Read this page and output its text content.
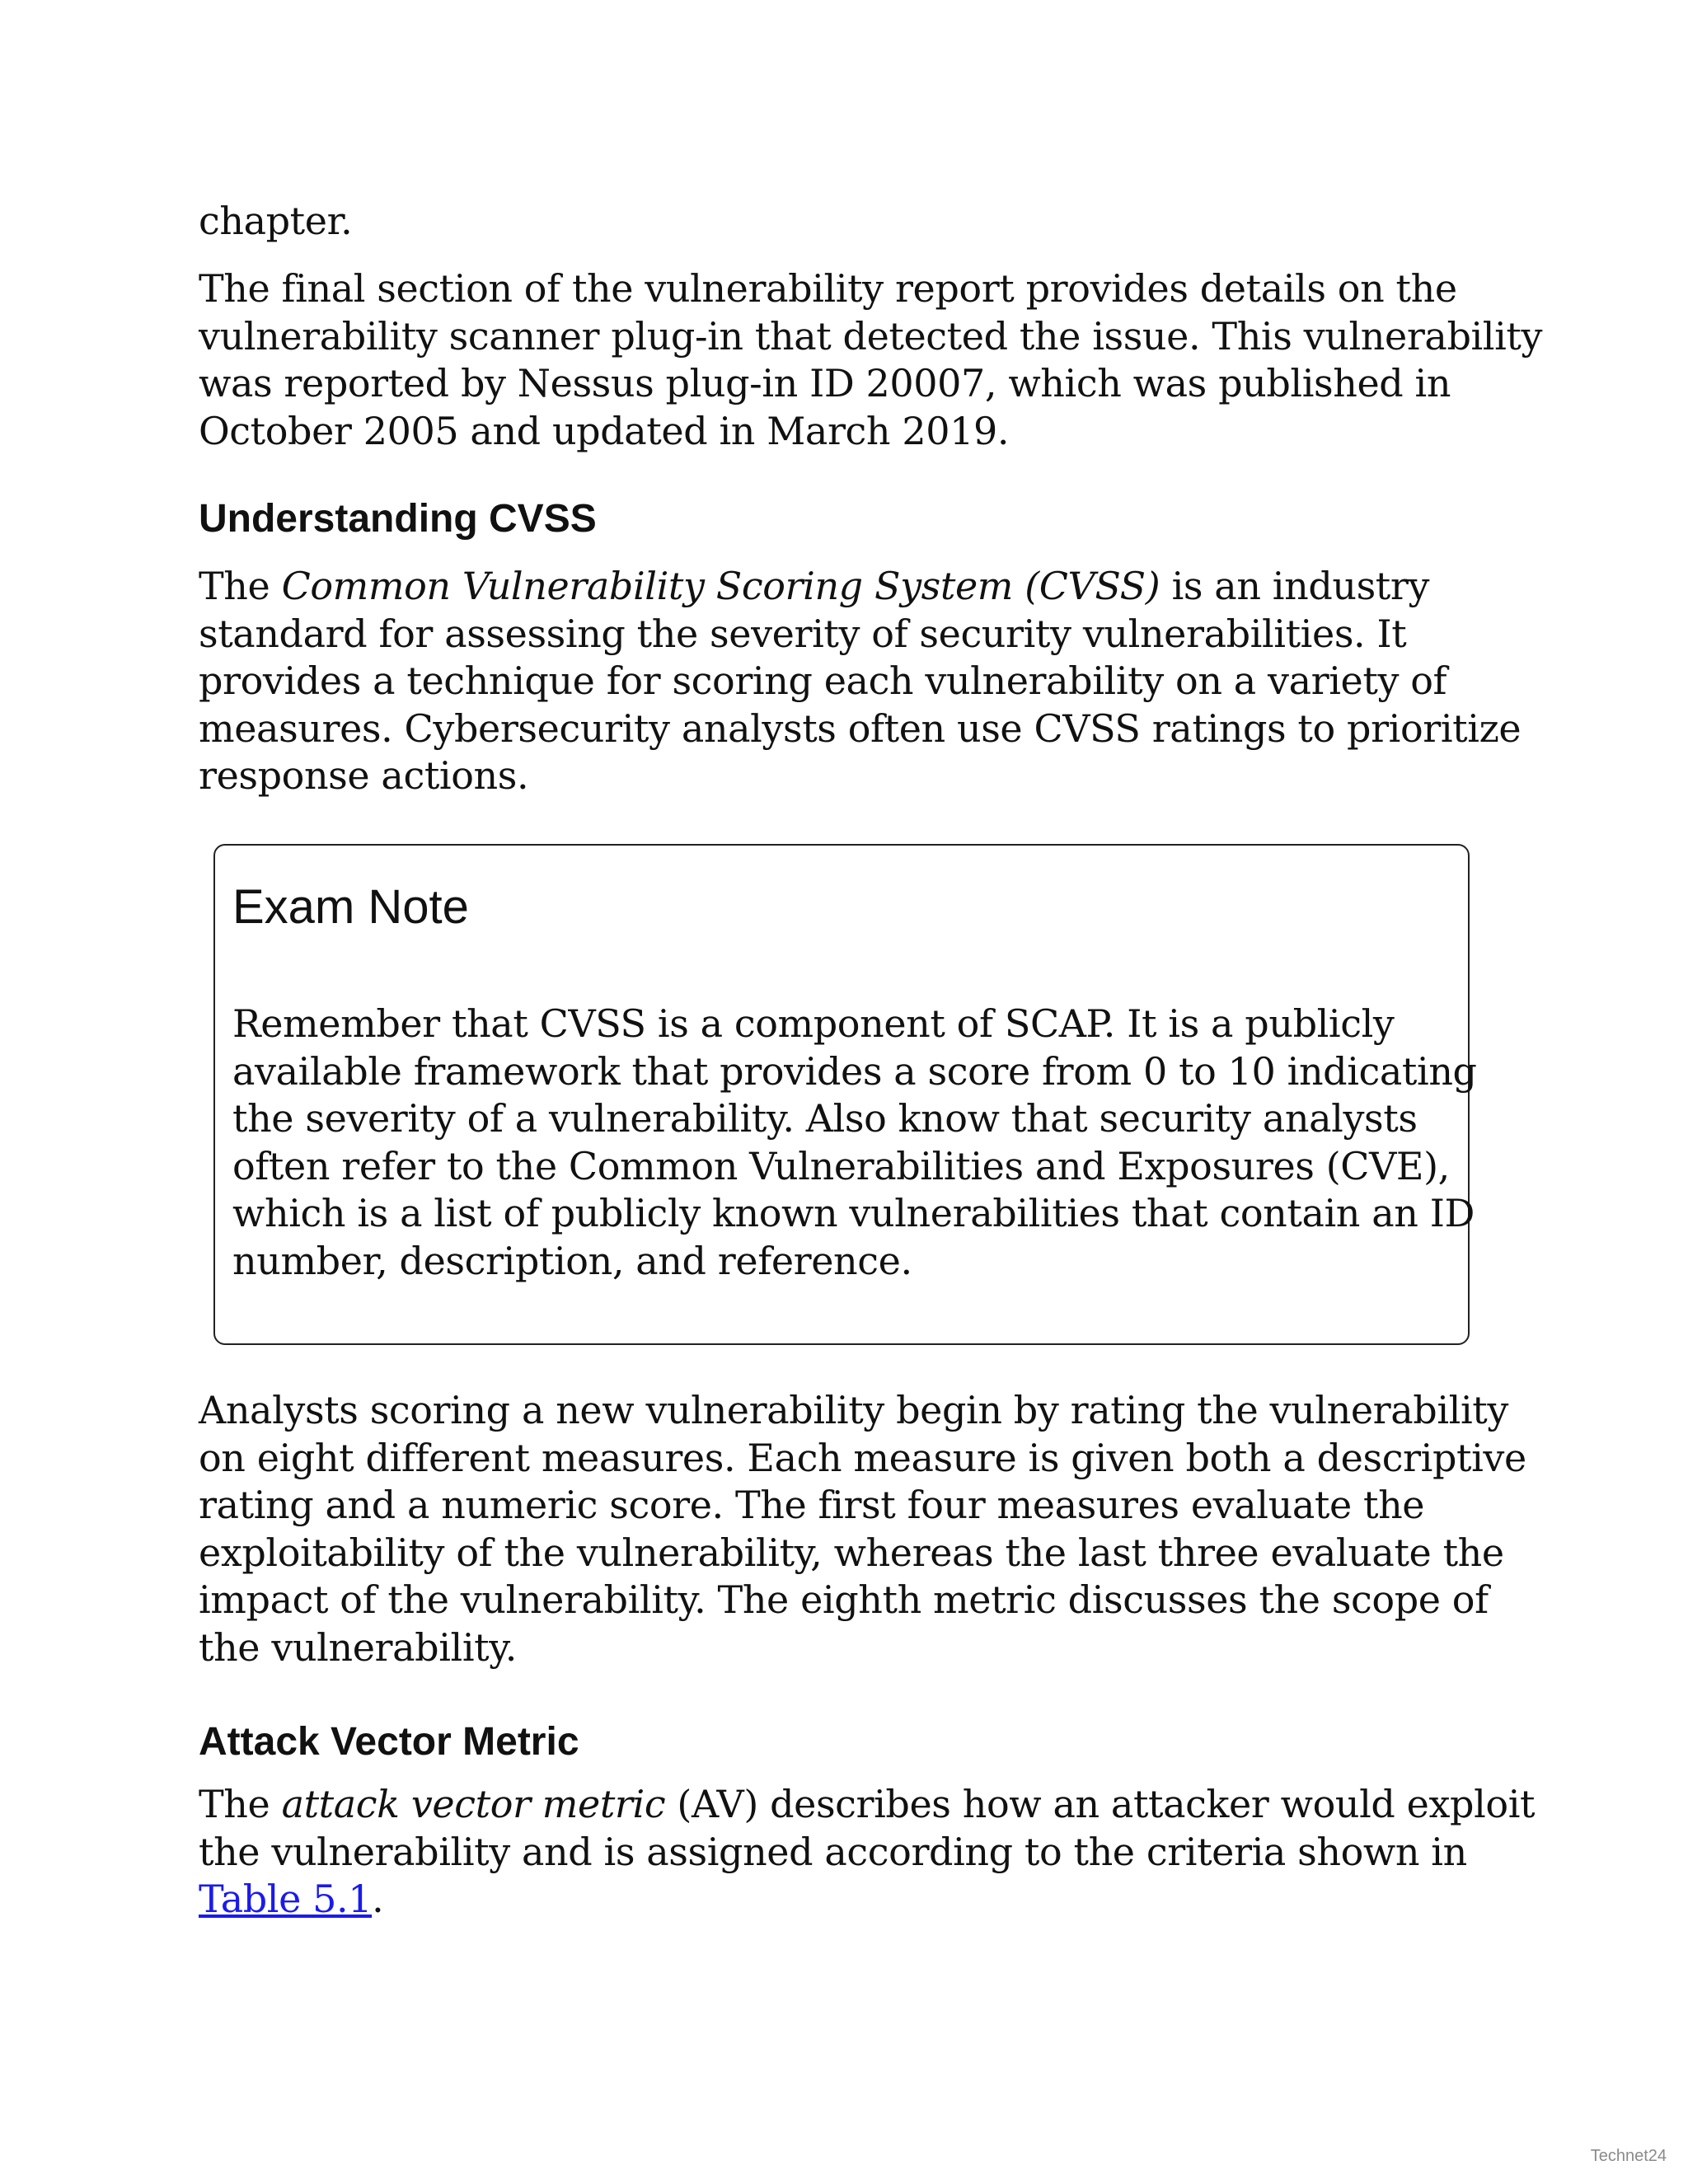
chapter.

The final section of the vulnerability report provides details on the
vulnerability scanner plug-in that detected the issue. This vulnerability
was reported by Nessus plug-in ID 20007, which was published in
October 2005 and updated in March 2019.

Understanding CVSS

The Common Vulnerability Scoring System (CVSS) is an industry
standard for assessing the severity of security vulnerabilities. It
provides a technique for scoring each vulnerability on a variety of
measures. Cybersecurity analysts often use CVSS ratings to prioritize
response actions.

Exam Note

Remember that CVSS is a component of SCAP. It is a publicly
available framework that provides a score from 0 to 10 indicating
the severity of a vulnerability. Also know that security analysts
often refer to the Common Vulnerabilities and Exposures (CVE),
which is a list of publicly known vulnerabilities that contain an ID
number, description, and reference.

Analysts scoring a new vulnerability begin by rating the vulnerability
on eight different measures. Each measure is given both a descriptive
rating and a numeric score. The first four measures evaluate the
exploitability of the vulnerability, whereas the last three evaluate the
impact of the vulnerability. The eighth metric discusses the scope of
the vulnerability.

Attack Vector Metric

The attack vector metric (AV) describes how an attacker would exploit
the vulnerability and is assigned according to the criteria shown in
Table 5.1.

Technet24
